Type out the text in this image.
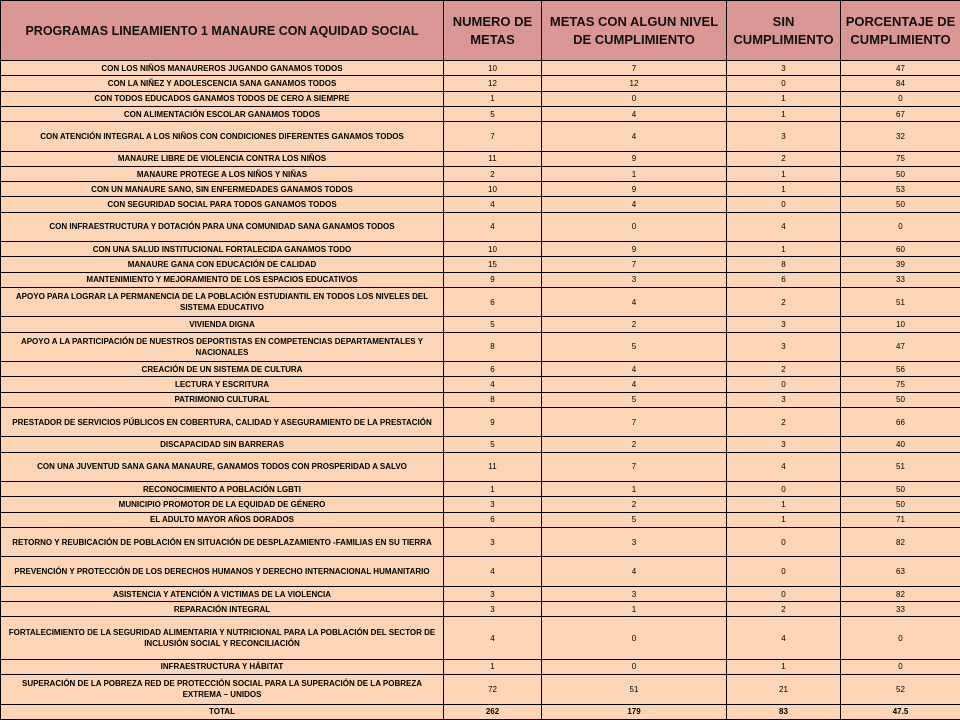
PROGRAMAS LINEAMIENTO 1 MANAURE CON AQUIDAD SOCIAL	NUMERO DE METAS	METAS CON ALGUN NIVEL DE CUMPLIMIENTO	SIN CUMPLIMIENTO	PORCENTAJE DE CUMPLIMIENTO
CON LOS NIÑOS MANAUREROS JUGANDO GANAMOS TODOS	10	7	3	47
CON LA NIÑEZ Y ADOLESCENCIA SANA GANAMOS TODOS	12	12	0	84
CON TODOS EDUCADOS GANAMOS TODOS DE CERO A SIEMPRE	1	0	1	0
CON ALIMENTACIÓN ESCOLAR GANAMOS TODOS	5	4	1	67
CON ATENCIÓN INTEGRAL A LOS NIÑOS CON CONDICIONES DIFERENTES GANAMOS TODOS	7	4	3	32
MANAURE LIBRE DE VIOLENCIA CONTRA LOS NIÑOS	11	9	2	75
MANAURE PROTEGE A LOS NIÑOS Y NIÑAS	2	1	1	50
CON UN MANAURE SANO, SIN ENFERMEDADES GANAMOS TODOS	10	9	1	53
CON SEGURIDAD SOCIAL PARA TODOS GANAMOS TODOS	4	4	0	50
CON INFRAESTRUCTURA Y DOTACIÓN PARA UNA COMUNIDAD SANA GANAMOS TODOS	4	0	4	0
CON UNA SALUD INSTITUCIONAL FORTALECIDA GANAMOS TODO	10	9	1	60
MANAURE GANA CON EDUCACIÓN DE CALIDAD	15	7	8	39
MANTENIMIENTO Y MEJORAMIENTO DE LOS ESPACIOS EDUCATIVOS	9	3	6	33
APOYO PARA LOGRAR LA PERMANENCIA DE LA POBLACIÓN ESTUDIANTIL EN TODOS LOS NIVELES DEL SISTEMA EDUCATIVO	6	4	2	51
VIVIENDA DIGNA	5	2	3	10
APOYO A LA PARTICIPACIÓN DE NUESTROS DEPORTISTAS EN COMPETENCIAS DEPARTAMENTALES Y NACIONALES	8	5	3	47
CREACIÓN DE UN SISTEMA DE CULTURA	6	4	2	56
LECTURA Y ESCRITURA	4	4	0	75
PATRIMONIO CULTURAL	8	5	3	50
PRESTADOR DE SERVICIOS PÚBLICOS EN COBERTURA, CALIDAD Y ASEGURAMIENTO DE LA PRESTACIÓN	9	7	2	66
DISCAPACIDAD SIN BARRERAS	5	2	3	40
CON UNA JUVENTUD SANA GANA MANAURE, GANAMOS TODOS CON PROSPERIDAD A SALVO	11	7	4	51
RECONOCIMIENTO A POBLACIÓN LGBTI	1	1	0	50
MUNICIPIO PROMOTOR DE LA EQUIDAD DE GÉNERO	3	2	1	50
EL ADULTO MAYOR AÑOS DORADOS	6	5	1	71
RETORNO Y REUBICACIÓN DE POBLACIÓN EN SITUACIÓN DE DESPLAZAMIENTO -FAMILIAS EN SU TIERRA	3	3	0	82
PREVENCIÓN Y PROTECCIÓN DE LOS DERECHOS HUMANOS Y DERECHO INTERNACIONAL HUMANITARIO	4	4	0	63
ASISTENCIA Y ATENCIÓN A VICTIMAS DE LA VIOLENCIA	3	3	0	82
REPARACIÓN INTEGRAL	3	1	2	33
FORTALECIMIENTO DE LA SEGURIDAD ALIMENTARIA Y NUTRICIONAL PARA LA POBLACIÓN DEL SECTOR DE INCLUSIÓN SOCIAL Y RECONCILIACIÓN	4	0	4	0
INFRAESTRUCTURA Y HÁBITAT	1	0	1	0
SUPERACIÓN DE LA POBREZA RED DE PROTECCIÓN SOCIAL PARA LA SUPERACIÓN DE LA POBREZA EXTREMA – UNIDOS	72	51	21	52
TOTAL	262	179	83	47.5
